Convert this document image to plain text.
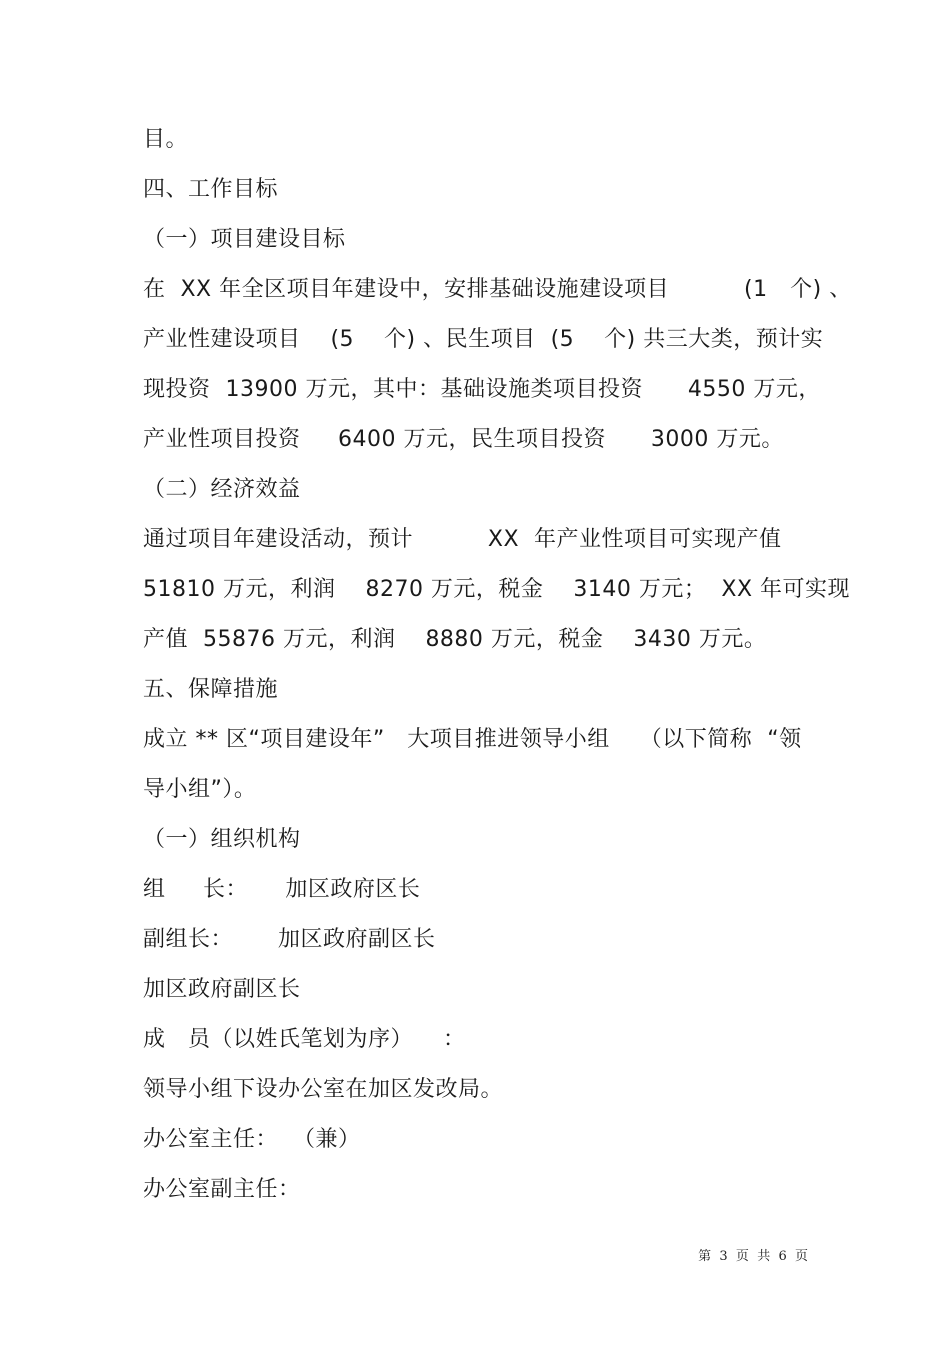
目。
四、工作目标
（一）项目建设目标
在  XX 年全区项目年建设中，安排基础设施建设项目          (1   个) 、
产业性建设项目    (5    个) 、民生项目  (5    个) 共三大类，预计实
现投资  13900 万元，其中：基础设施类项目投资      4550 万元，
产业性项目投资     6400 万元，民生项目投资      3000 万元。
（二）经济效益
通过项目年建设活动，预计          XX  年产业性项目可实现产值
51810 万元，利润    8270 万元，税金    3140 万元；  XX 年可实现
产值  55876 万元，利润    8880 万元，税金    3430 万元。
五、保障措施
成立 ** 区“项目建设年”   大项目推进领导小组    （以下简称  “领
导小组”）。
（一）组织机构
组     长：     加区政府区长
副组长：      加区政府副区长
加区政府副区长
成   员（以姓氏笔划为序）    ：
领导小组下设办公室在加区发改局。
办公室主任：  （兼）
办公室副主任：
第  3  页  共  6  页
